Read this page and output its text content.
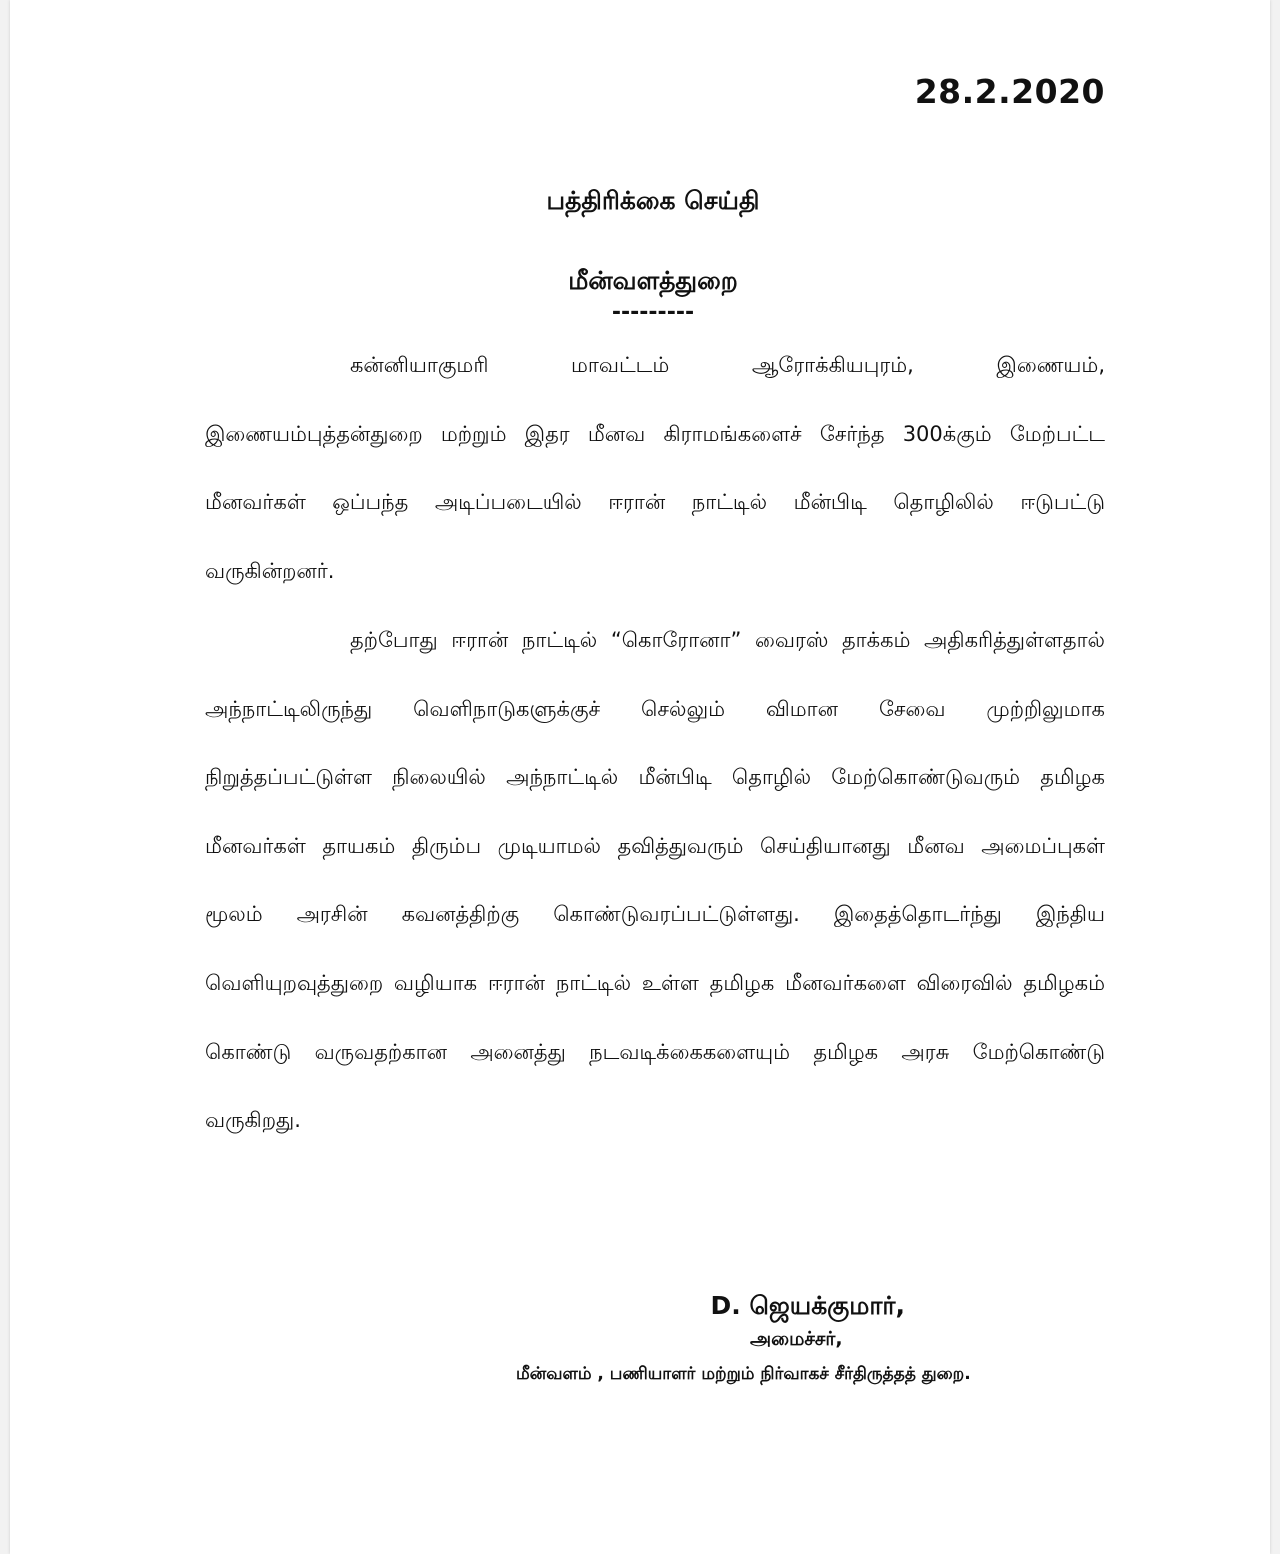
28.2.2020
பத்திரிக்கை செய்தி
மீன்வளத்துறை
---------

கன்னியாகுமரி மாவட்டம் ஆரோக்கியபுரம், இணையம், இணையம்புத்தன்துறை மற்றும் இதர மீனவ கிராமங்களைச் சேர்ந்த 300க்கும் மேற்பட்ட மீனவர்கள் ஒப்பந்த அடிப்படையில் ஈரான் நாட்டில் மீன்பிடி தொழிலில் ஈடுபட்டு வருகின்றனர்.

தற்போது ஈரான் நாட்டில் “கொரோனா” வைரஸ் தாக்கம் அதிகரித்துள்ளதால் அந்நாட்டிலிருந்து வெளிநாடுகளுக்குச் செல்லும் விமான சேவை முற்றிலுமாக நிறுத்தப்பட்டுள்ள நிலையில் அந்நாட்டில் மீன்பிடி தொழில் மேற்கொண்டுவரும் தமிழக மீனவர்கள் தாயகம் திரும்ப முடியாமல் தவித்துவரும் செய்தியானது மீனவ அமைப்புகள் மூலம் அரசின் கவனத்திற்கு கொண்டுவரப்பட்டுள்ளது. இதைத்தொடர்ந்து இந்திய வெளியுறவுத்துறை வழியாக ஈரான் நாட்டில் உள்ள தமிழக மீனவர்களை விரைவில் தமிழகம் கொண்டு வருவதற்கான அனைத்து நடவடிக்கைகளையும் தமிழக அரசு மேற்கொண்டு வருகிறது.

D. ஜெயக்குமார்,
அமைச்சர்,
மீன்வளம் , பணியாளர் மற்றும் நிர்வாகச் சீர்திருத்தத் துறை.
